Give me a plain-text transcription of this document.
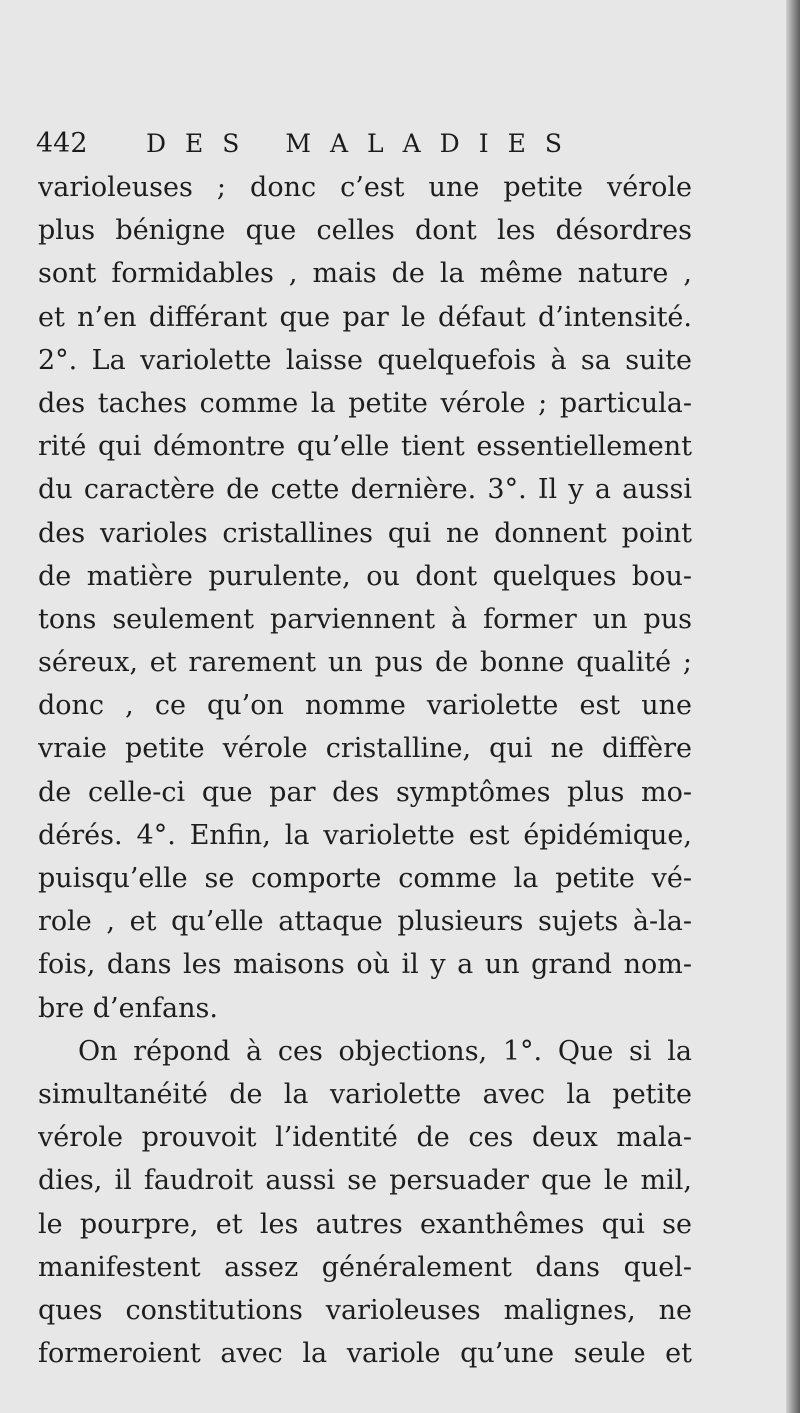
442 DES MALADIES
varioleuses ; donc c’est une petite vérole
plus bénigne que celles dont les désordres
sont formidables , mais de la même nature ,
et n’en différant que par le défaut d’intensité.
2°. La variolette laisse quelquefois à sa suite
des taches comme la petite vérole ; particula-
rité qui démontre qu’elle tient essentiellement
du caractère de cette dernière. 3°. Il y a aussi
des varioles cristallines qui ne donnent point
de matière purulente, ou dont quelques bou-
tons seulement parviennent à former un pus
séreux, et rarement un pus de bonne qualité ;
donc , ce qu’on nomme variolette est une
vraie petite vérole cristalline, qui ne diffère
de celle-ci que par des symptômes plus mo-
dérés. 4°. Enfin, la variolette est épidémique,
puisqu’elle se comporte comme la petite vé-
role , et qu’elle attaque plusieurs sujets à-la-
fois, dans les maisons où il y a un grand nom-
bre d’enfans.
On répond à ces objections, 1°. Que si la
simultanéité de la variolette avec la petite
vérole prouvoit l’identité de ces deux mala-
dies, il faudroit aussi se persuader que le mil,
le pourpre, et les autres exanthêmes qui se
manifestent assez généralement dans quel-
ques constitutions varioleuses malignes, ne
formeroient avec la variole qu’une seule et
